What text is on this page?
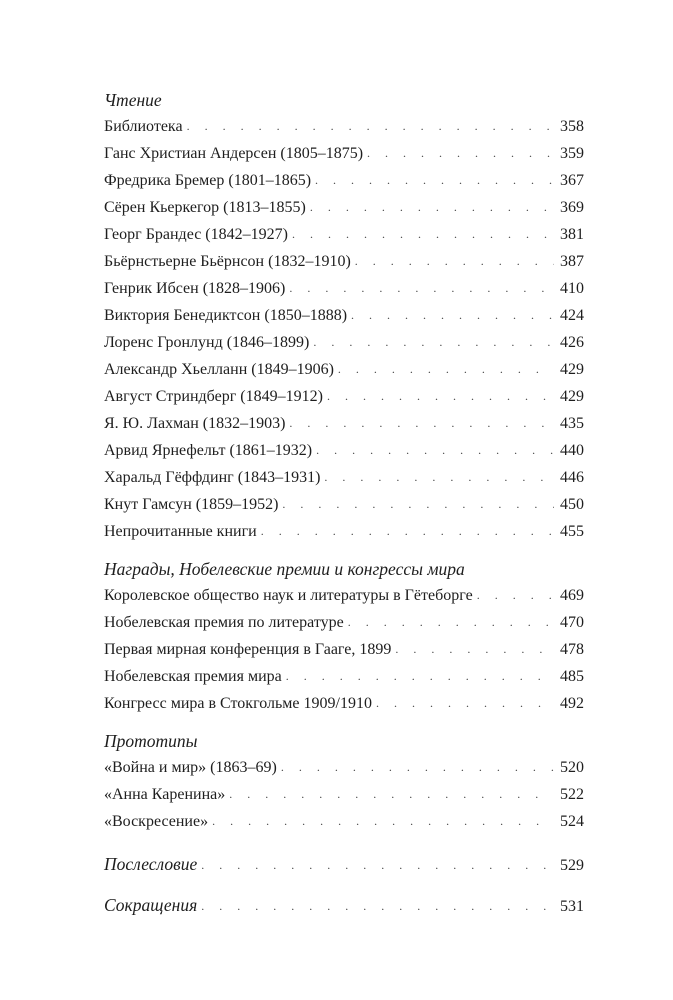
Чтение
Библиотека . . .	358
Ганс Христиан Андерсен (1805–1875) . . .	359
Фредрика Бремер (1801–1865) . . .	367
Сёрен Кьеркегор (1813–1855) . . .	369
Георг Брандес (1842–1927) . . .	381
Бьёрнстьерне Бьёрнсон (1832–1910) . . .	387
Генрик Ибсен (1828–1906) . . .	410
Виктория Бенедиктсон (1850–1888) . . .	424
Лоренс Гронлунд (1846–1899) . . .	426
Александр Хьелланн (1849–1906) . . .	429
Август Стриндберг (1849–1912) . . .	429
Я. Ю. Лахман (1832–1903) . . .	435
Арвид Ярнефельт (1861–1932) . . .	440
Харальд Гёффдинг (1843–1931) . . .	446
Кнут Гамсун (1859–1952) . . .	450
Непрочитанные книги . . .	455
Награды, Нобелевские премии и конгрессы мира
Королевское общество наук и литературы в Гётеборге . . .	469
Нобелевская премия по литературе . . .	470
Первая мирная конференция в Гааге, 1899 . . .	478
Нобелевская премия мира . . .	485
Конгресс мира в Стокгольме 1909/1910 . . .	492
Прототипы
«Война и мир» (1863–69) . . .	520
«Анна Каренина» . . .	522
«Воскресение» . . .	524
Послесловие . . .	529
Сокращения . . .	531
